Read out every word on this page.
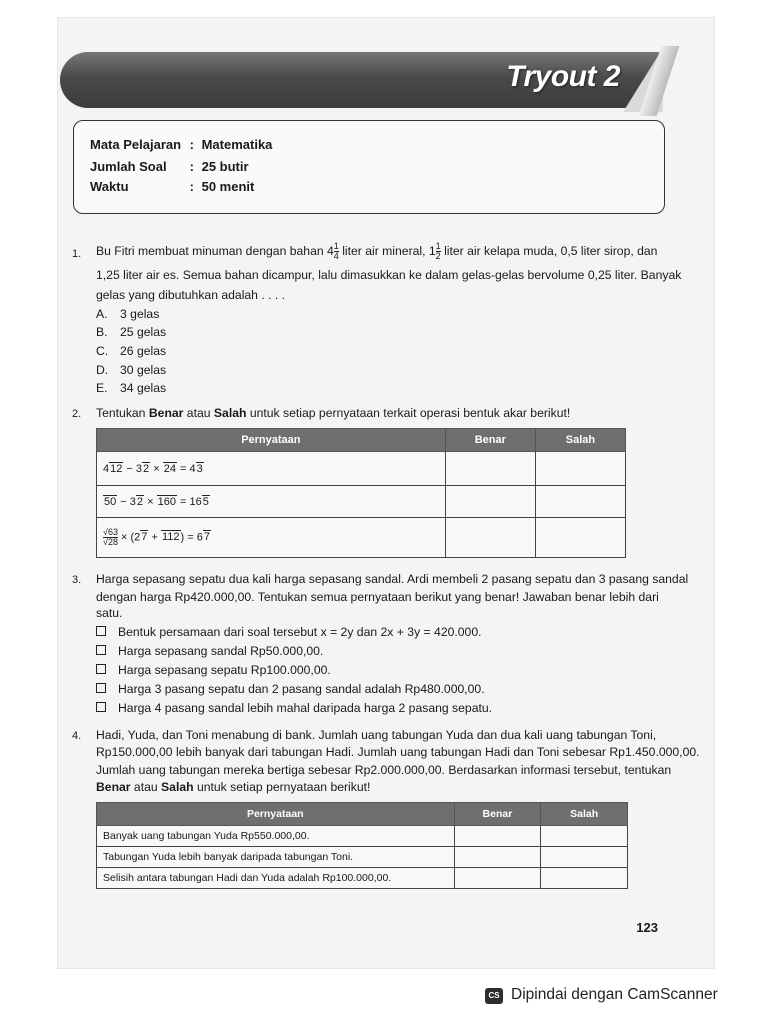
Tryout 2
Mata Pelajaran : Matematika
Jumlah Soal : 25 butir
Waktu	: 50 menit
1. Bu Fitri membuat minuman dengan bahan $4 \frac{1}{4}$ liter air mineral, $1 \frac{1}{2}$ liter air kelapa muda, 0,5 liter sirop, dan
1,25 liter air es. Semua bahan dicampur, lalu dimasukkan ke dalam gelas-gelas bervolume 0,25 liter. Banyak
gelas yang dibutuhkan adalah . . . .
A. 3 gelas
B. 25 gelas
C. 26 gelas
D. 30 gelas
E. 34 gelas
2. Tentukan Benar atau Salah untuk setiap pernyataan terkait operasi bentuk akar berikut!
Pernyataan	Benar	Salah
412 − 32 × 24 = 43		
50 − 32 × 160 = 165		

$\frac{√63}{√28} \times (27 + 112) = 67$		
3. Harga sepasang sepatu dua kali harga sepasang sandal. Ardi membeli 2 pasang sepatu dan 3 pasang sandal
dengan harga Rp420.000,00. Tentukan semua pernyataan berikut yang benar! Jawaban benar lebih dari
satu.
Bentuk persamaan dari soal tersebut x = 2y dan 2x + 3y = 420.000.
Harga sepasang sandal Rp50.000,00.
Harga sepasang sepatu Rp100.000,00.
Harga 3 pasang sepatu dan 2 pasang sandal adalah Rp480.000,00.
Harga 4 pasang sandal lebih mahal daripada harga 2 pasang sepatu.
4. Hadi, Yuda, dan Toni menabung di bank. Jumlah uang tabungan Yuda dan dua kali uang tabungan Toni,
Rp150.000,00 lebih banyak dari tabungan Hadi. Jumlah uang tabungan Hadi dan Toni sebesar Rp1.450.000,00.
Jumlah uang tabungan mereka bertiga sebesar Rp2.000.000,00. Berdasarkan informasi tersebut, tentukan
Benar atau Salah untuk setiap pernyataan berikut!
Pernyataan	Benar	Salah
Banyak uang tabungan Yuda Rp550.000,00.		
Tabungan Yuda lebih banyak daripada tabungan Toni.		
Selisih antara tabungan Hadi dan Yuda adalah Rp100.000,00.		
123
CS Dipindai dengan CamScanner
